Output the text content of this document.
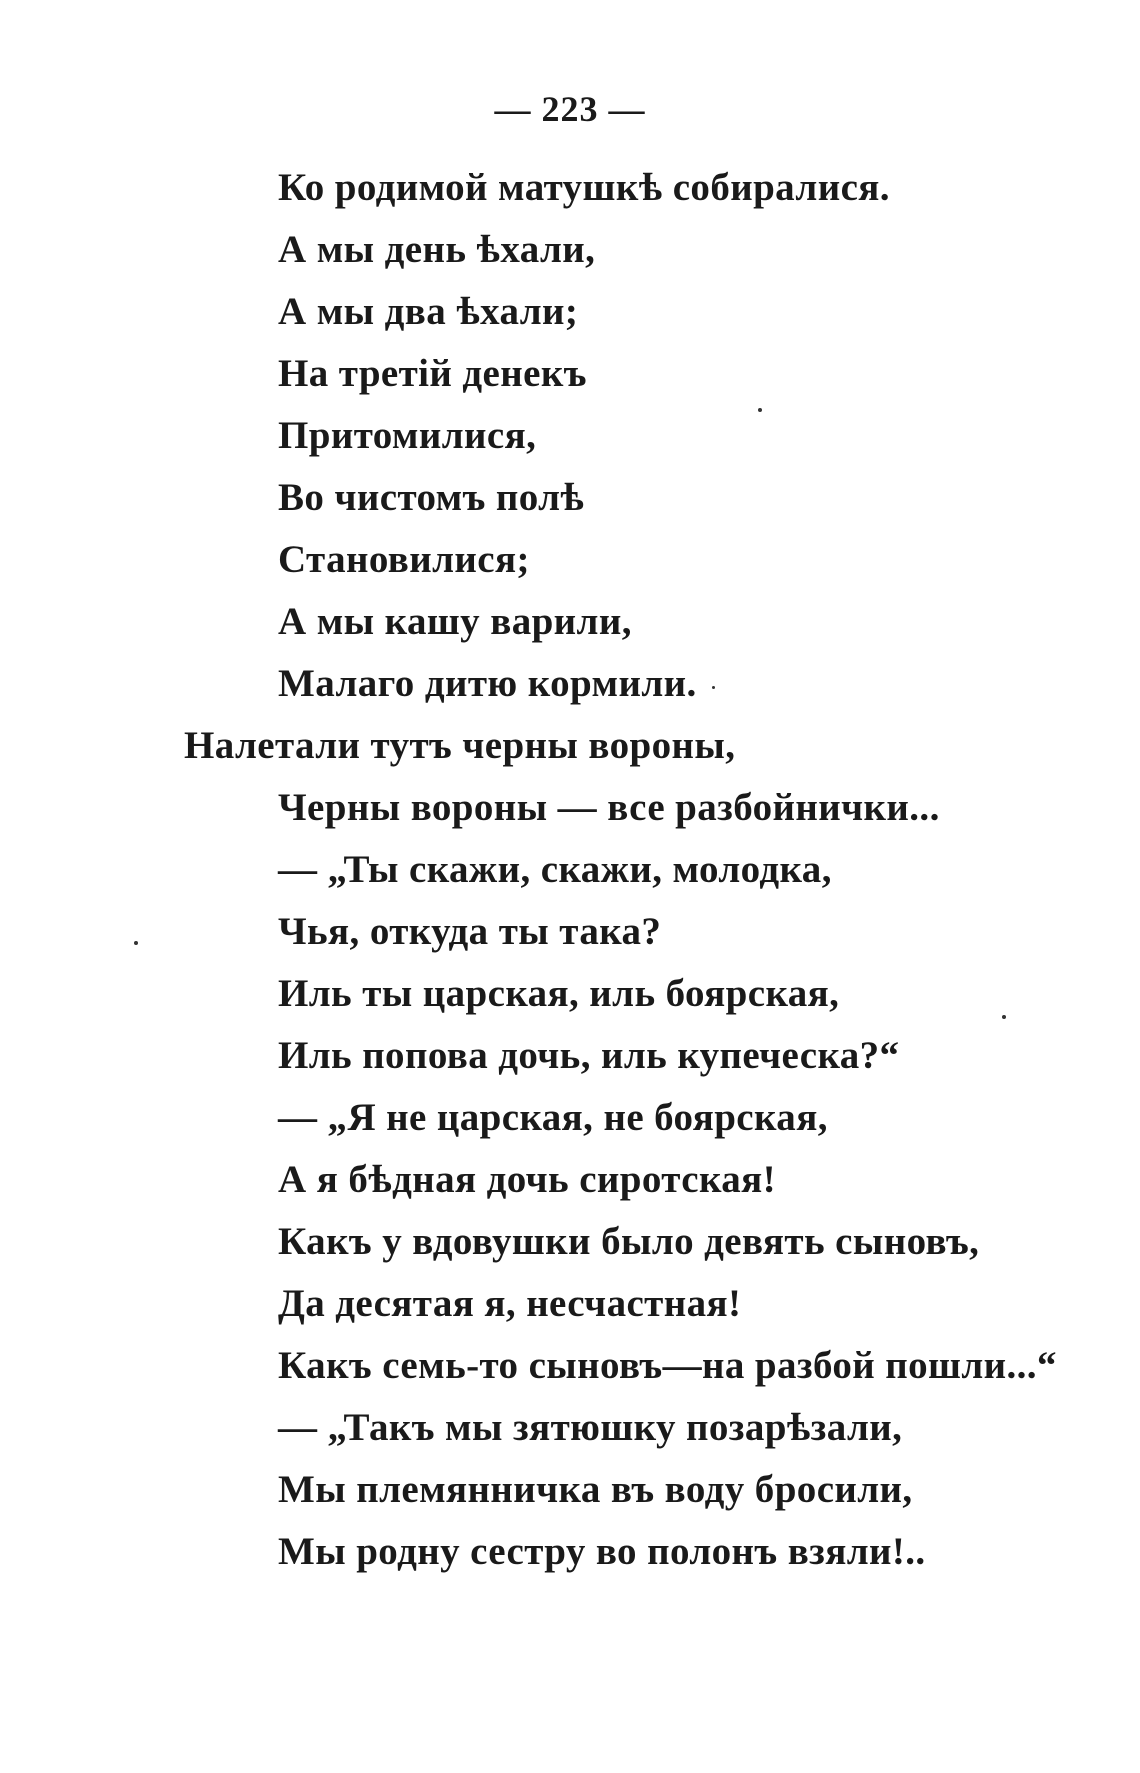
— 223 —
Ко родимой матушкѣ собиралися.
А мы день ѣхали,
А мы два ѣхали;
На третій денекъ
Притомилися,
Во чистомъ полѣ
Становилися;
А мы кашу варили,
Малаго дитю кормили.
Налетали тутъ черны вороны,
Черны вороны — все разбойнички...
— „Ты скажи, скажи, молодка,
Чья, откуда ты така?
Иль ты царская, иль боярская,
Иль попова дочь, иль купеческа?“
— „Я не царская, не боярская,
А я бѣдная дочь сиротская!
Какъ у вдовушки было девять сыновъ,
Да десятая я, несчастная!
Какъ семь-то сыновъ—на разбой пошли...“
— „Такъ мы зятюшку позарѣзали,
Мы племянничка въ воду бросили,
Мы родну сестру во полонъ взяли!..
